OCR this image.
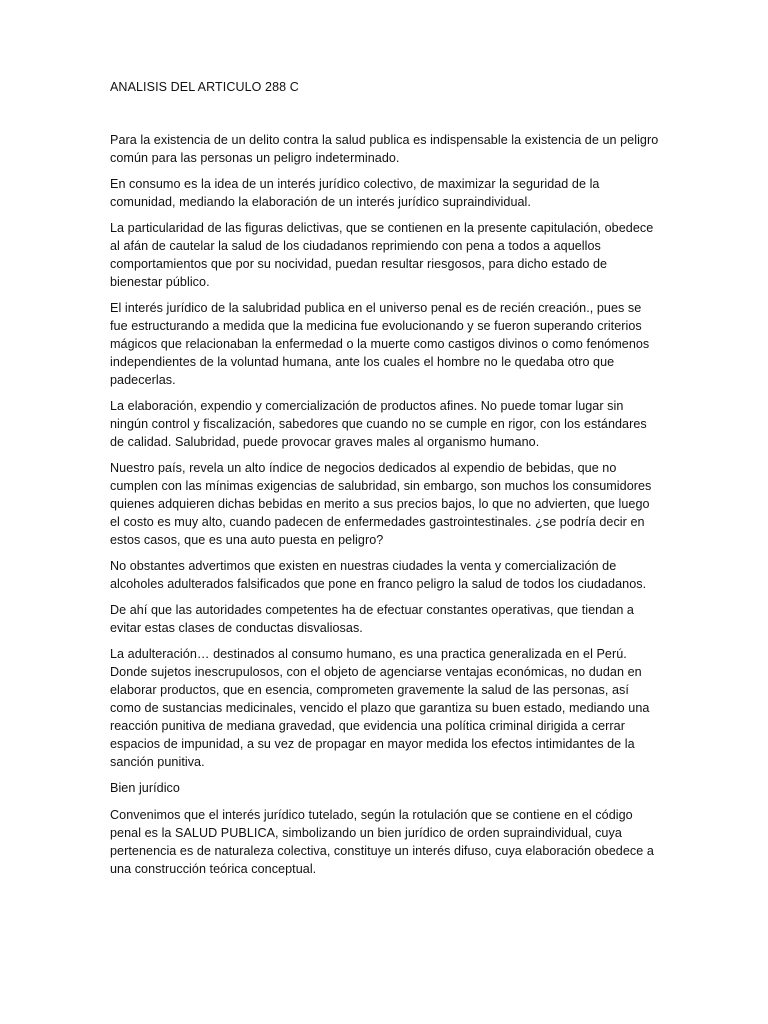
ANALISIS DEL ARTICULO 288 C

Para la existencia de un delito contra la salud publica es indispensable la existencia de un peligro común para las personas un peligro indeterminado.

En consumo es la idea de un interés jurídico colectivo, de maximizar la seguridad de la comunidad, mediando la elaboración de un interés jurídico supraindividual.

La particularidad de las figuras delictivas, que se contienen en la presente capitulación, obedece al afán de cautelar la salud de los ciudadanos reprimiendo con pena a todos a aquellos comportamientos que por su nocividad, puedan resultar riesgosos, para dicho estado de bienestar público.

El interés jurídico de la salubridad publica en el universo penal es de recién creación., pues se fue estructurando a medida que la medicina fue evolucionando y se fueron superando criterios mágicos que relacionaban la enfermedad o la muerte como castigos divinos o como fenómenos independientes de la voluntad humana, ante los cuales el hombre no le quedaba otro que padecerlas.

La elaboración, expendio y comercialización de productos afines. No puede tomar lugar sin ningún control y fiscalización, sabedores que cuando no se cumple en rigor, con los estándares de calidad. Salubridad, puede provocar graves males al organismo humano.

Nuestro país, revela un alto índice de negocios dedicados al expendio de bebidas, que no cumplen con las mínimas exigencias de salubridad, sin embargo, son muchos los consumidores quienes adquieren dichas bebidas en merito a sus precios bajos, lo que no advierten, que luego el costo es muy alto, cuando padecen de enfermedades gastrointestinales. ¿se podría decir en estos casos, que es una auto puesta en peligro?

No obstantes advertimos que existen en nuestras ciudades la venta y comercialización de alcoholes adulterados falsificados que pone en franco peligro la salud de todos los ciudadanos.

De ahí que las autoridades competentes ha de efectuar constantes operativas, que tiendan a evitar estas clases de conductas disvaliosas.

La adulteración… destinados al consumo humano, es una practica generalizada en el Perú. Donde sujetos inescrupulosos, con el objeto de agenciarse ventajas económicas, no dudan en elaborar productos, que en esencia, comprometen gravemente la salud de las personas, así como de sustancias medicinales, vencido el plazo que garantiza su buen estado, mediando una reacción punitiva de mediana gravedad, que evidencia una política criminal dirigida a cerrar espacios de impunidad, a su vez de propagar en mayor medida los efectos intimidantes de la sanción punitiva.

Bien jurídico

Convenimos que el interés jurídico tutelado, según la rotulación que se contiene en el código penal es la SALUD PUBLICA, simbolizando un bien jurídico de orden supraindividual, cuya pertenencia es de naturaleza colectiva, constituye un interés difuso, cuya elaboración obedece a una construcción teórica conceptual.
